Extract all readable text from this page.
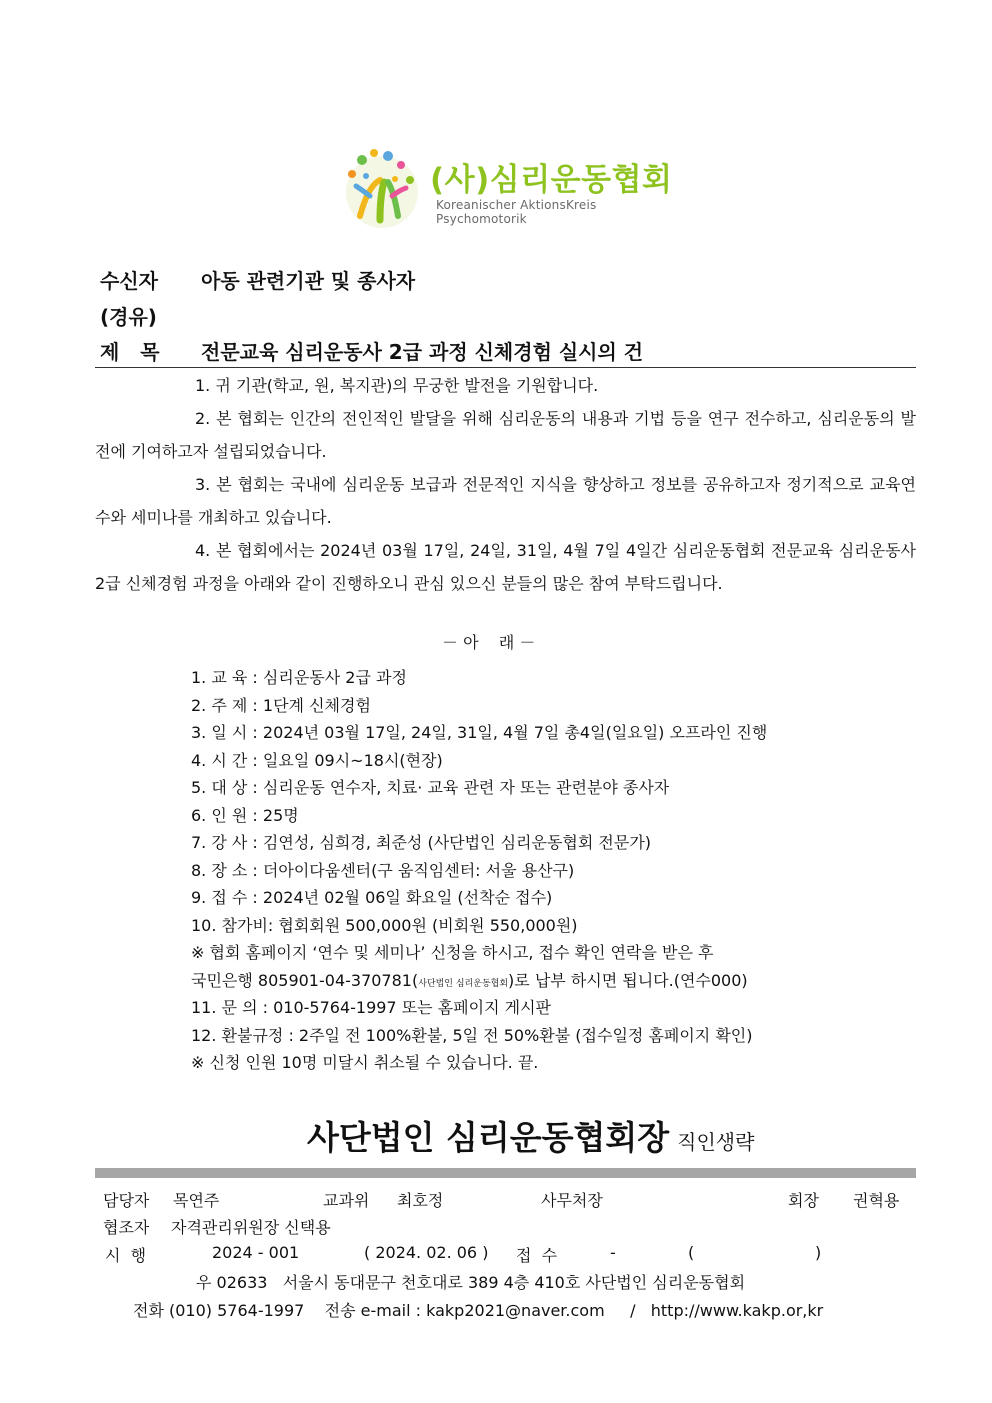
(사)심리운동협회
Koreanischer AktionsKreis Psychomotorik
수신자 아동 관련기관 및 종사자
(경유)
제   목 전문교육 심리운동사 2급 과정 신체경험 실시의 건
1. 귀 기관(학교, 원, 복지관)의 무궁한 발전을 기원합니다.
2. 본 협회는 인간의 전인적인 발달을 위해 심리운동의 내용과 기법 등을 연구 전수하고, 심리운동의 발전에 기여하고자 설립되었습니다.
3. 본 협회는 국내에 심리운동 보급과 전문적인 지식을 향상하고 정보를 공유하고자 정기적으로 교육연수와 세미나를 개최하고 있습니다.
4. 본 협회에서는 2024년 03월 17일, 24일, 31일, 4월 7일 4일간 심리운동협회 전문교육 심리운동사2급 신체경험 과정을 아래와 같이 진행하오니 관심 있으신 분들의 많은 참여 부탁드립니다.
－ 아    래 －
1. 교 육 : 심리운동사 2급 과정
2. 주 제 : 1단계 신체경험
3. 일 시 : 2024년 03월 17일, 24일, 31일, 4월 7일 총4일(일요일) 오프라인 진행
4. 시 간 : 일요일 09시~18시(현장)
5. 대 상 : 심리운동 연수자, 치료· 교육 관련 자 또는 관련분야 종사자
6. 인 원 : 25명
7. 강 사 : 김연성, 심희경, 최준성 (사단법인 심리운동협회 전문가)
8. 장 소 : 더아이다움센터(구 움직임센터: 서울 용산구)
9. 접 수 : 2024년 02월 06일 화요일 (선착순 접수)
10. 참가비: 협회회원 500,000원 (비회원 550,000원)
※ 협회 홈페이지 ‘연수 및 세미나’ 신청을 하시고, 접수 확인 연락을 받은 후
국민은행 805901-04-370781(사단법인 심리운동협회)로 납부 하시면 됩니다.(연수000)
11. 문 의 : 010-5764-1997 또는 홈페이지 게시판
12. 환불규정 : 2주일 전 100%환불, 5일 전 50%환불 (접수일정 홈페이지 확인)
※ 신청 인원 10명 미달시 취소될 수 있습니다. 끝.
사단법인 심리운동협회장 직인생략
담당자 목연주	교과위 최호정	사무처장	회장 권혁용
협조자 자격관리위원장 신택용
시  행	2024 - 001	( 2024. 02. 06 ) 접  수	-	(	)
우 02633   서울시 동대문구 천호대로 389 4층 410호 사단법인 심리운동협회
전화 (010) 5764-1997    전송 e-mail : kakp2021@naver.com     /   http://www.kakp.or,kr
